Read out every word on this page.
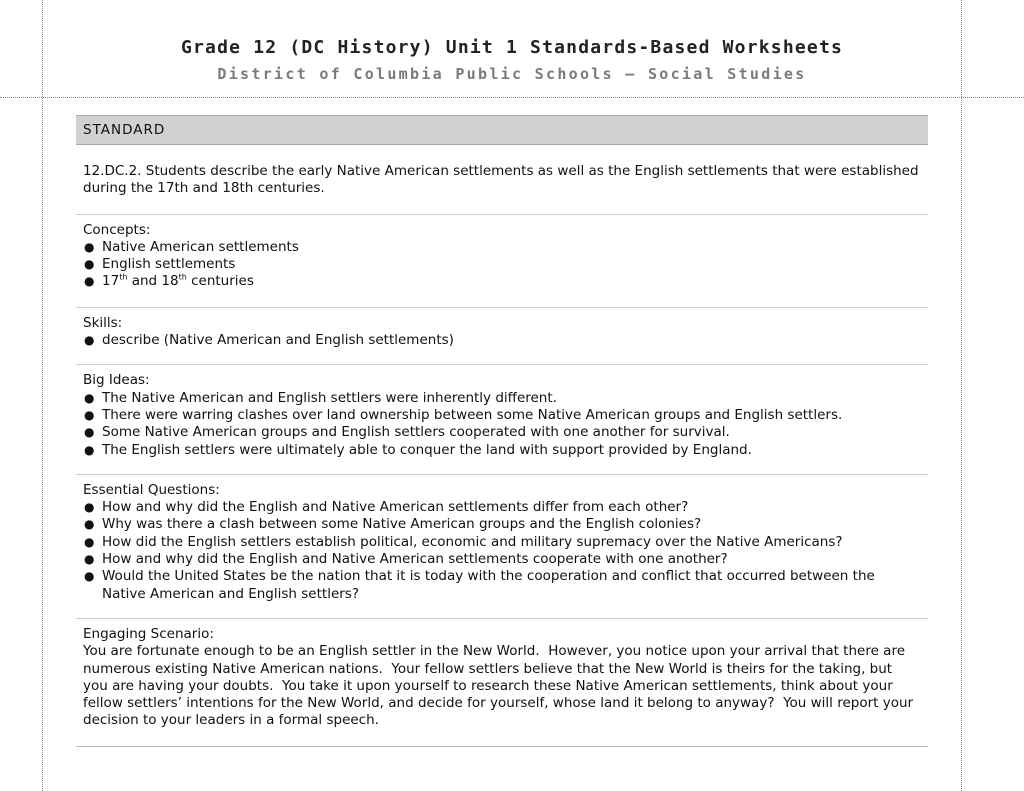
Grade 12 (DC History) Unit 1 Standards-Based Worksheets
District of Columbia Public Schools — Social Studies
STANDARD
12.DC.2. Students describe the early Native American settlements as well as the English settlements that were established during the 17th and 18th centuries.
Concepts:
● Native American settlements
● English settlements
● 17th and 18th centuries
Skills:
● describe (Native American and English settlements)
Big Ideas:
● The Native American and English settlers were inherently different.
● There were warring clashes over land ownership between some Native American groups and English settlers.
● Some Native American groups and English settlers cooperated with one another for survival.
● The English settlers were ultimately able to conquer the land with support provided by England.
Essential Questions:
● How and why did the English and Native American settlements differ from each other?
● Why was there a clash between some Native American groups and the English colonies?
● How did the English settlers establish political, economic and military supremacy over the Native Americans?
● How and why did the English and Native American settlements cooperate with one another?
● Would the United States be the nation that it is today with the cooperation and conflict that occurred between the Native American and English settlers?
Engaging Scenario:
You are fortunate enough to be an English settler in the New World.  However, you notice upon your arrival that there are numerous existing Native American nations.  Your fellow settlers believe that the New World is theirs for the taking, but you are having your doubts.  You take it upon yourself to research these Native American settlements, think about your fellow settlers’ intentions for the New World, and decide for yourself, whose land it belong to anyway?  You will report your decision to your leaders in a formal speech.
